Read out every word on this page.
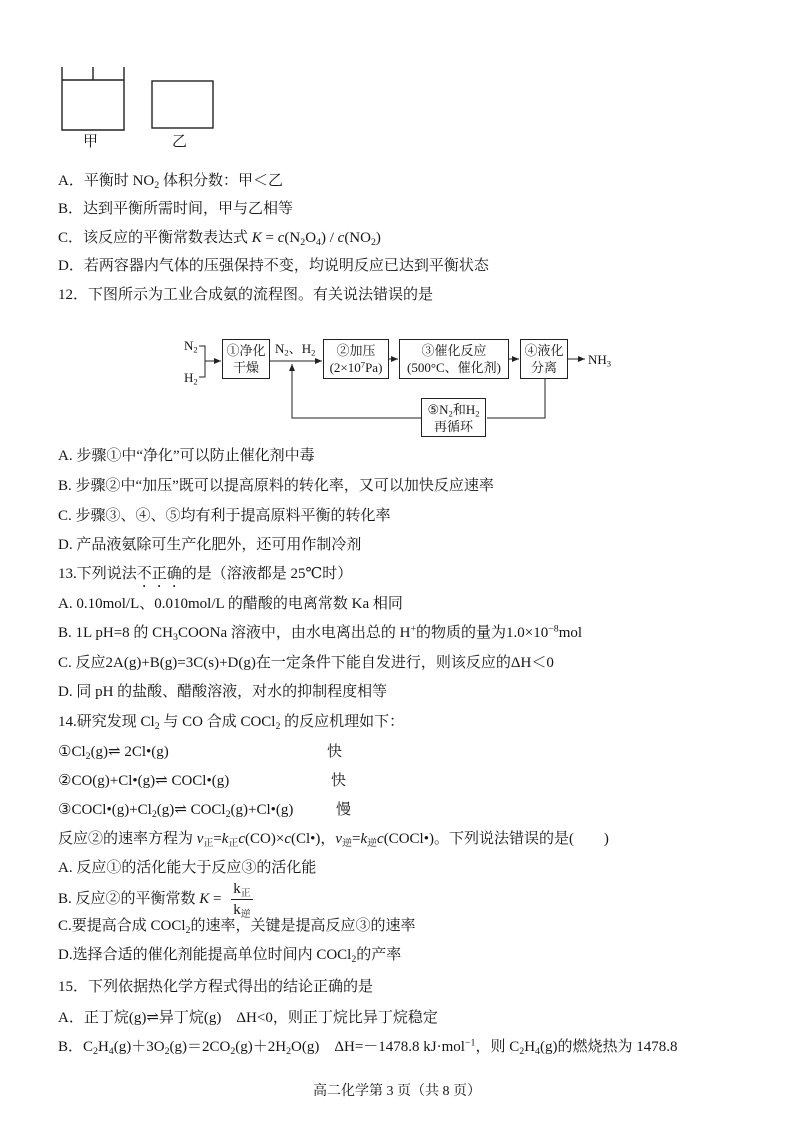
甲	乙
A．平衡时 $NO_2$ 体积分数：甲＜乙
B．达到平衡所需时间，甲与乙相等
C．该反应的平衡常数表达式 $K = c(N_2O_4) / c(NO_2)$
D．若两容器内气体的压强保持不变，均说明反应已达到平衡状态
12．下图所示为工业合成氨的流程图。有关说法错误的是
$N_2$
$H_2$
①净化
干燥
$N_2$、$H_2$	②加压
$(2\times 10^7Pa)$
③催化反应
(500°C、催化剂)
④液化
分离
$NH_3$
$⑤N_2$和$H_2$
再循环
A. 步骤①中“净化”可以防止催化剂中毒
B. 步骤②中“加压”既可以提高原料的转化率，又可以加快反应速率
C. 步骤③、④、⑤均有利于提高原料平衡的转化率
D. 产品液氨除可生产化肥外，还可用作制冷剂
13.下列说法不正确的是（溶液都是 25℃时）
A. 0.10mol/L、0.010mol/L 的醋酸的电离常数 Ka 相同
B. 1L pH=8 的 $CH_3COONa$ 溶液中，由水电离出总的 H+的物质的量为$1.0\times 10^{-8}mol$
C. 反应2A(g)+B(g)=3C(s)+D(g)在一定条件下能自发进行，则该反应的ΔH＜0
D. 同 pH 的盐酸、醋酸溶液，对水的抑制程度相等
14.研究发现 $Cl_2$ 与 CO 合成 COCl$_2$ 的反应机理如下：
$①Cl_2(g)\rightleftharpoons$ 2Cl•(g)	快
②CO(g)+Cl•(g)⇌ COCl•(g)	快
$③COCl•(g)+Cl_2(g)\rightleftharpoons$ COCl$_2$(g)+Cl•(g)	慢
反应②的速率方程为 $v_正=k_正c(CO)\times c(Cl•)$，$v_逆=k_逆c(COCl•)$。下列说法错误的是(　　)
A. 反应①的活化能大于反应③的活化能
B. 反应②的平衡常数 $K = \frac{k_正}{k_逆}$
C.要提高合成 COCl$_2$的速率，关键是提高反应③的速率
D.选择合适的催化剂能提高单位时间内 COCl$_2$的产率
15．下列依据热化学方程式得出的结论正确的是
A．正丁烷(g)⇌异丁烷(g)　ΔH<0，则正丁烷比异丁烷稳定
B．$C_2H_4(g)+3O_2(g)=2CO_2(g)+2H_2O(g)$　ΔH=－1478.8 kJ·mol$^{-1}$，则 $C_2H_4(g)$的燃烧热为 1478.8
高二化学第 3 页（共 8 页）
